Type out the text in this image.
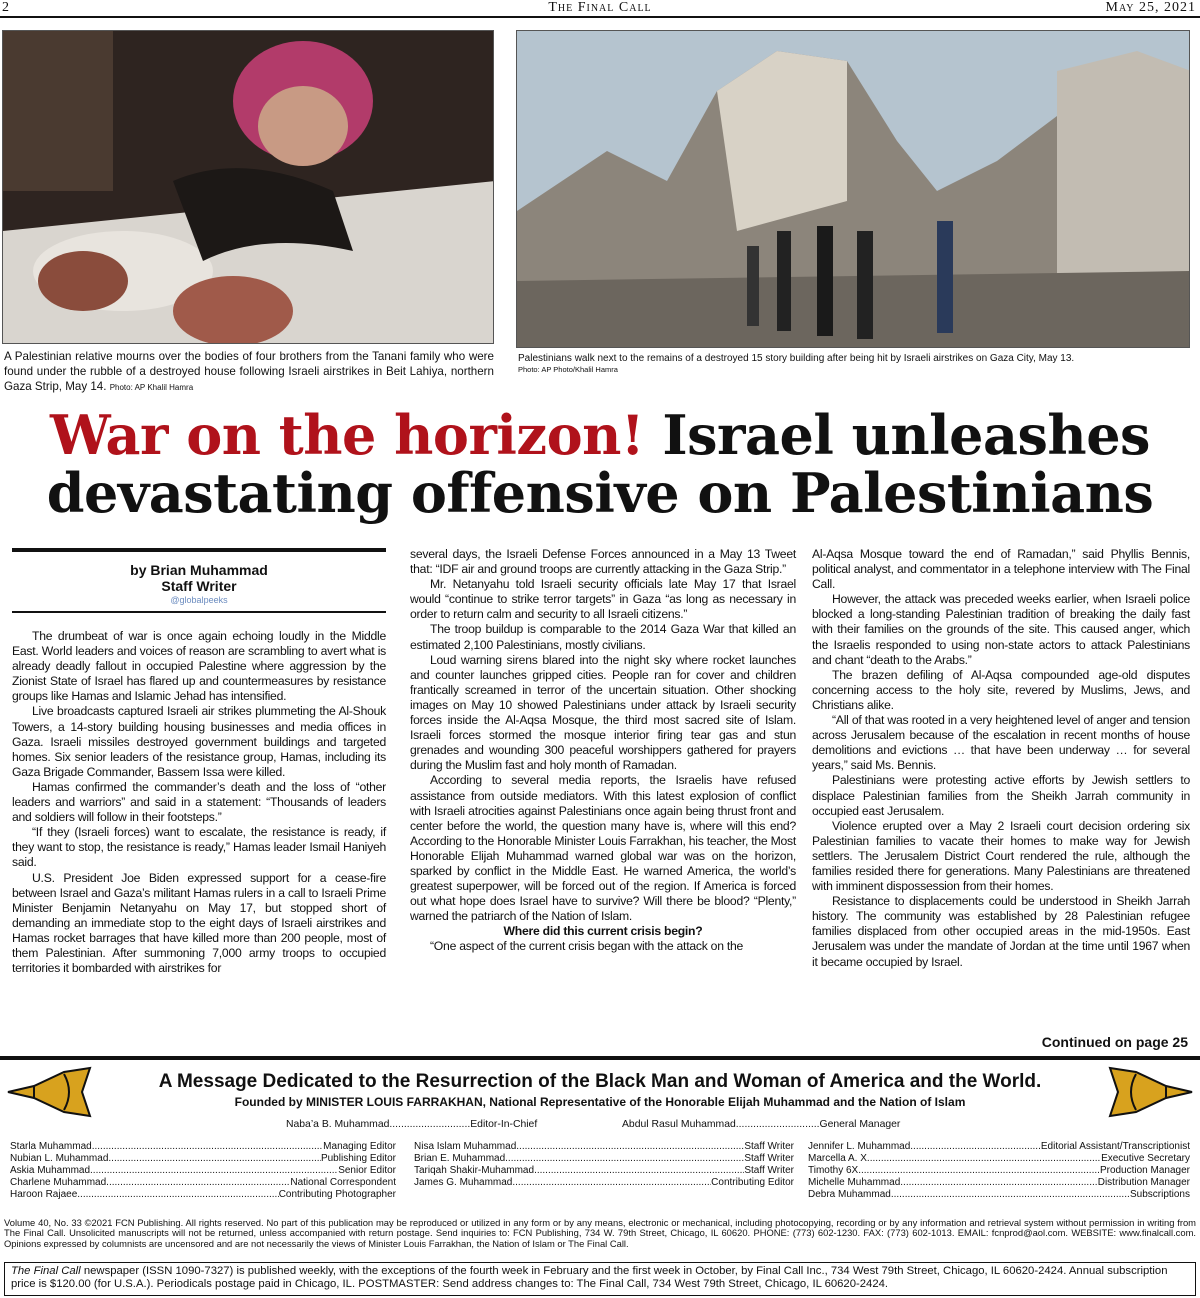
2	The Final Call	May 25, 2021
A Palestinian relative mourns over the bodies of four brothers from the Tanani family who were found under the rubble of a destroyed house following Israeli airstrikes in Beit Lahiya, northern Gaza Strip, May 14. Photo: AP Khalil Hamra
Palestinians walk next to the remains of a destroyed 15 story building after being hit by Israeli airstrikes on Gaza City, May 13.
Photo: AP Photo/Khalil Hamra
War on the horizon! Israel unleashes
devastating offensive on Palestinians
by Brian Muhammad
Staff Writer
@globalpeeks

The drumbeat of war is once again echoing loudly in the Middle East. World leaders and voices of reason are scrambling to avert what is already deadly fallout in occupied Palestine where aggression by the Zionist State of Israel has flared up and countermeasures by resistance groups like Hamas and Islamic Jehad has intensified.

Live broadcasts captured Israeli air strikes plummeting the Al-Shouk Towers, a 14-story building housing businesses and media offices in Gaza. Israeli missiles destroyed government buildings and targeted homes. Six senior leaders of the resistance group, Hamas, including its Gaza Brigade Commander, Bassem Issa were killed.

Hamas confirmed the commander’s death and the loss of “other leaders and warriors” and said in a statement: “Thousands of leaders and soldiers will follow in their footsteps.”

“If they (Israeli forces) want to escalate, the resistance is ready, if they want to stop, the resistance is ready,” Hamas leader Ismail Haniyeh said.

U.S. President Joe Biden expressed support for a cease-fire between Israel and Gaza’s militant Hamas rulers in a call to Israeli Prime Minister Benjamin Netanyahu on May 17, but stopped short of demanding an immediate stop to the eight days of Israeli airstrikes and Hamas rocket barrages that have killed more than 200 people, most of them Palestinian. After summoning 7,000 army troops to occupied territories it bombarded with airstrikes for

several days, the Israeli Defense Forces announced in a May 13 Tweet that: “IDF air and ground troops are currently attacking in the Gaza Strip.”

Mr. Netanyahu told Israeli security officials late May 17 that Israel would “continue to strike terror targets” in Gaza “as long as necessary in order to return calm and security to all Israeli citizens.”

The troop buildup is comparable to the 2014 Gaza War that killed an estimated 2,100 Palestinians, mostly civilians.

Loud warning sirens blared into the night sky where rocket launches and counter launches gripped cities. People ran for cover and children frantically screamed in terror of the uncertain situation. Other shocking images on May 10 showed Palestinians under attack by Israeli security forces inside the Al-Aqsa Mosque, the third most sacred site of Islam. Israeli forces stormed the mosque interior firing tear gas and stun grenades and wounding 300 peaceful worshippers gathered for prayers during the Muslim fast and holy month of Ramadan.

According to several media reports, the Israelis have refused assistance from outside mediators. With this latest explosion of conflict with Israeli atrocities against Palestinians once again being thrust front and center before the world, the question many have is, where will this end? According to the Honorable Minister Louis Farrakhan, his teacher, the Most Honorable Elijah Muhammad warned global war was on the horizon, sparked by conflict in the Middle East. He warned America, the world’s greatest superpower, will be forced out of the region. If America is forced out what hope does Israel have to survive? Will there be blood? “Plenty,” warned the patriarch of the Nation of Islam.

Where did this current crisis begin?

“One aspect of the current crisis began with the attack on the

Al-Aqsa Mosque toward the end of Ramadan,” said Phyllis Bennis, political analyst, and commentator in a telephone interview with The Final Call.

However, the attack was preceded weeks earlier, when Israeli police blocked a long-standing Palestinian tradition of breaking the daily fast with their families on the grounds of the site. This caused anger, which the Israelis responded to using non-state actors to attack Palestinians and chant “death to the Arabs.”

The brazen defiling of Al-Aqsa compounded age-old disputes concerning access to the holy site, revered by Muslims, Jews, and Christians alike.

“All of that was rooted in a very heightened level of anger and tension across Jerusalem because of the escalation in recent months of house demolitions and evictions … that have been underway … for several years,” said Ms. Bennis.

Palestinians were protesting active efforts by Jewish settlers to displace Palestinian families from the Sheikh Jarrah community in occupied east Jerusalem.

Violence erupted over a May 2 Israeli court decision ordering six Palestinian families to vacate their homes to make way for Jewish settlers. The Jerusalem District Court rendered the rule, although the families resided there for generations. Many Palestinians are threatened with imminent dispossession from their homes.

Resistance to displacements could be understood in Sheikh Jarrah history. The community was established by 28 Palestinian refugee families displaced from other occupied areas in the mid-1950s. East Jerusalem was under the mandate of Jordan at the time until 1967 when it became occupied by Israel.

Continued on page 25
A Message Dedicated to the Resurrection of the Black Man and Woman of America and the World.
Founded by MINISTER LOUIS FARRAKHAN, National Representative of the Honorable Elijah Muhammad and the Nation of Islam
Naba’a B. Muhammad............................Editor-In-Chief	Abdul Rasul Muhammad.............................General Manager
Starla Muhammad .....	Managing Editor
Nubian L. Muhammad .....	Publishing Editor
Askia Muhammad .....	Senior Editor
Charlene Muhammad .....	National Correspondent
Haroon Rajaee .....	Contributing Photographer
Nisa Islam Muhammad .....	Staff Writer
Brian E. Muhammad .....	Staff Writer
Tariqah Shakir-Muhammad .....	Staff Writer
James G. Muhammad .....	Contributing Editor
Jennifer L. Muhammad .....	Editorial Assistant/Transcriptionist
Marcella A. X. .....	Executive Secretary
Timothy 6X. .....	Production Manager
Michelle Muhammad .....	Distribution Manager
Debra Muhammad .....	Subscriptions
Volume 40, No. 33 ©2021 FCN Publishing. All rights reserved. No part of this publication may be reproduced or utilized in any form or by any means, electronic or mechanical, including photocopying, recording or by any information and retrieval system without permission in writing from The Final Call. Unsolicited manuscripts will not be returned, unless accompanied with return postage. Send inquiries to: FCN Publishing, 734 W. 79th Street, Chicago, IL 60620. PHONE: (773) 602-1230. FAX: (773) 602-1013. EMAIL: fcnprod@aol.com. WEBSITE: www.finalcall.com. Opinions expressed by columnists are uncensored and are not necessarily the views of Minister Louis Farrakhan, the Nation of Islam or The Final Call.
The Final Call newspaper (ISSN 1090-7327) is published weekly, with the exceptions of the fourth week in February and the first week in October, by Final Call Inc., 734 West 79th Street, Chicago, IL 60620-2424. Annual subscription price is $120.00 (for U.S.A.). Periodicals postage paid in Chicago, IL. POSTMASTER: Send address changes to: The Final Call, 734 West 79th Street, Chicago, IL 60620-2424.
